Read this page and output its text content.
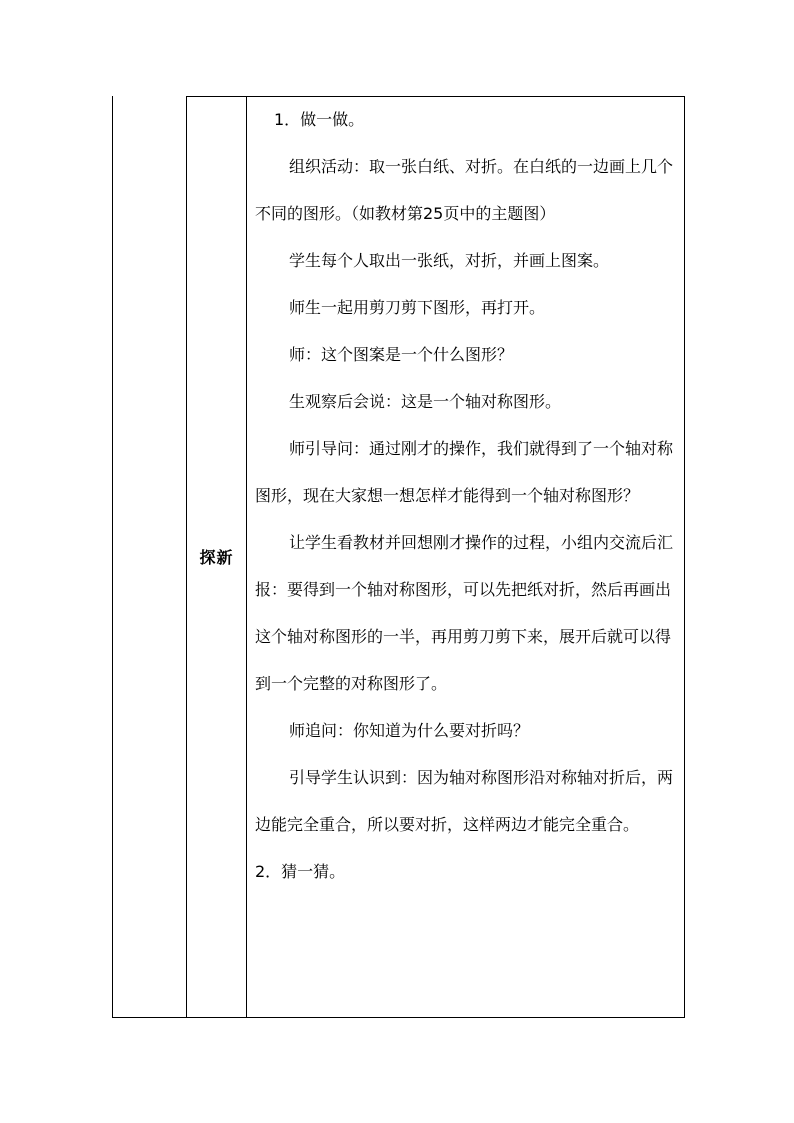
探新

1．做一做。

组织活动：取一张白纸、对折。在白纸的一边画上几个不同的图形。（如教材第25页中的主题图）

学生每个人取出一张纸，对折，并画上图案。

师生一起用剪刀剪下图形，再打开。

师：这个图案是一个什么图形？

生观察后会说：这是一个轴对称图形。

师引导问：通过刚才的操作，我们就得到了一个轴对称图形，现在大家想一想怎样才能得到一个轴对称图形？

让学生看教材并回想刚才操作的过程，小组内交流后汇报：要得到一个轴对称图形，可以先把纸对折，然后再画出这个轴对称图形的一半，再用剪刀剪下来，展开后就可以得到一个完整的对称图形了。

师追问：你知道为什么要对折吗？

引导学生认识到：因为轴对称图形沿对称轴对折后，两边能完全重合，所以要对折，这样两边才能完全重合。

2．猜一猜。
